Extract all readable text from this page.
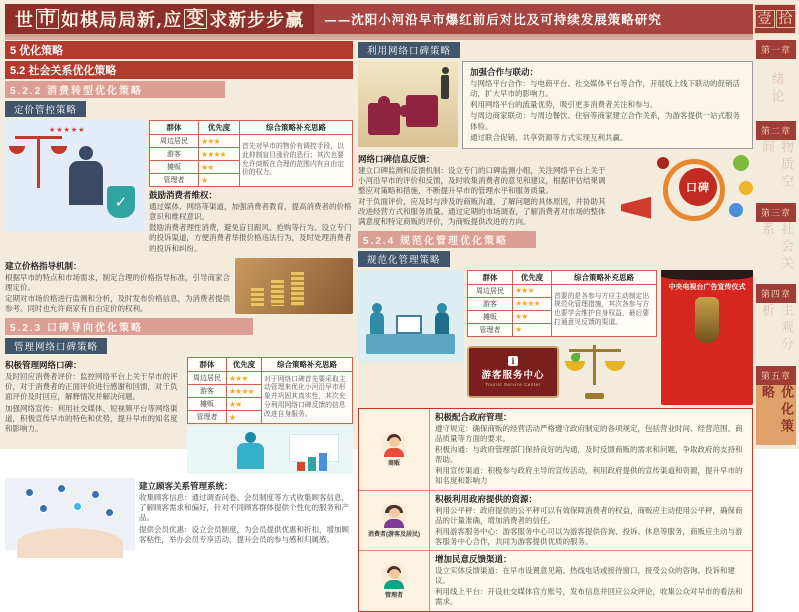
世 市 如棋局局新,应 变 求新步步赢	——沈阳小河沿早市爆红前后对比及可持续发展策略研究	壹 拾
第一章
绪论
第二章
物质空间
第三章
社会关系
第四章
主观分析
第五章
优化策略
5 优化策略
5.2 社会关系优化策略
5.2.2 消费转型优化策略
定价管控策略
★★★★★
✓	群体	优先度	综合策略补充思路
周边居民	★★★	首先对早市的物价有调控手段，以此抑制盲目涨价的恶行；其次也要允许商贩在合理的范围内有自由定价的权力。
游客	★★★★	
摊贩	★★	
管理者	★	
鼓励消费者维权：
通过媒体、网络等渠道，加强消费者教育，提高消费者的价格意识和维权意识。
鼓励消费者理性消费，避免盲目跟风、抢购等行为。设立专门的投诉渠道，方便消费者举报价格违法行为，及时处理消费者的投诉和纠纷。
建立价格指导机制：
根据早市的特点和市场需求，制定合理的价格指导标准，引导商家合理定价。
定期对市场价格进行监测和分析，及时发布价格信息，为消费者提供参考。同时也允许商家有自由定价的权利。
5.2.3 口碑导向优化策略
管理网络口碑策略
积极管理网络口碑：
及时回应消费者评价：监控网络平台上关于早市的评价，对于消费者的正面评价进行感谢和回馈，对于负面评价及时回应，解释情况并解决问题。
加强网络宣传：利用社交媒体、短视频平台等网络渠道，积极宣传早市的特色和优势，提升早市的知名度和影响力。
群体	优先度	综合策略补充思路
周边居民	★★★	对于网络口碑首先要采取主动管理来优化小河沿早市形象并巩固其真实性，其次充分利用网络口碑反馈的信息改进自身服务。
游客	★★★★	
摊贩	★★	
管理者	★	
建立顾客关系管理系统：
收集顾客信息：通过调查问卷、会员制度等方式收集顾客信息，了解顾客需求和偏好，针对不同顾客群体提供个性化的服务和产品。
提供会员优惠：设立会员制度，为会员提供优惠和折扣，增加顾客粘性，举办会员专享活动，提升会员的参与感和归属感。
利用网络口碑策略
加强合作与联动：
与网络平台合作：与电商平台、社交媒体平台等合作，开展线上线下联动的促销活动，扩大早市的影响力。
利用网络平台的流量优势，吸引更多消费者关注和参与。
与周边商家联动：与周边餐饮、住宿等商家建立合作关系，为游客提供一站式服务体验。
通过联合促销、共享资源等方式实现互利共赢。
网络口碑信息反馈：
建立口碑监测和反馈机制：设立专门的口碑监测小组，关注网络平台上关于小河沿早市的评价和反馈，及时收集消费者的意见和建议，根据评估结果调整应对策略和措施，不断提升早市的管理水平和服务质量。
对于负面评价，应及时与涉及的商贩沟通，了解问题的具体原因，并协助其改进经营方式和服务质量。通过定期的市场调查，了解消费者对市场的整体满意度和特定商贩的评价，为商贩提供改进的方向。
口碑
5.2.4 规范化管理优化策略
规范化管理策略
群体	优先度	综合策略补充思路
周边居民	★★★	首要的是各参与方应主动制定出规范化管理措施，其次各参与方也要学会维护自身权益，最后要打通意见反馈的渠道。
游客	★★★★	
摊贩	★★	
管理者	★	
i
游客服务中心
Tourist Service Center
中央电视台广告宣传仪式
商贩
积极配合政府管理：
遵守规定：确保商贩的经营活动严格遵守政府制定的各项规定，包括营业时间、经营范围、商品质量等方面的要求。
积极沟通：与政府管理部门保持良好的沟通，及时反馈商贩的需求和问题，争取政府的支持和帮助。
利用宣传渠道：积极参与政府主导的宣传活动，利用政府提供的宣传渠道和资源，提升早市的知名度和影响力
消费者(游客及居民)
积极利用政府提供的资源：
利用公平秤：政府提供的公平秤可以有效保障消费者的权益，商贩应主动使用公平秤，确保商品的计量准确，增加消费者的信任。
利用游客服务中心：游客服务中心可以为游客提供咨询、投诉、休息等服务，商贩应主动与游客服务中心合作，共同为游客提供优质的服务。
管理者
增加民意反馈渠道：
设立实体反馈渠道：在早市设置意见箱、热线电话或接待窗口，接受公众的咨询、投诉和建议。
利用线上平台：开设社交媒体官方账号，发布信息并回应公众评论，收集公众对早市的看法和需求。
